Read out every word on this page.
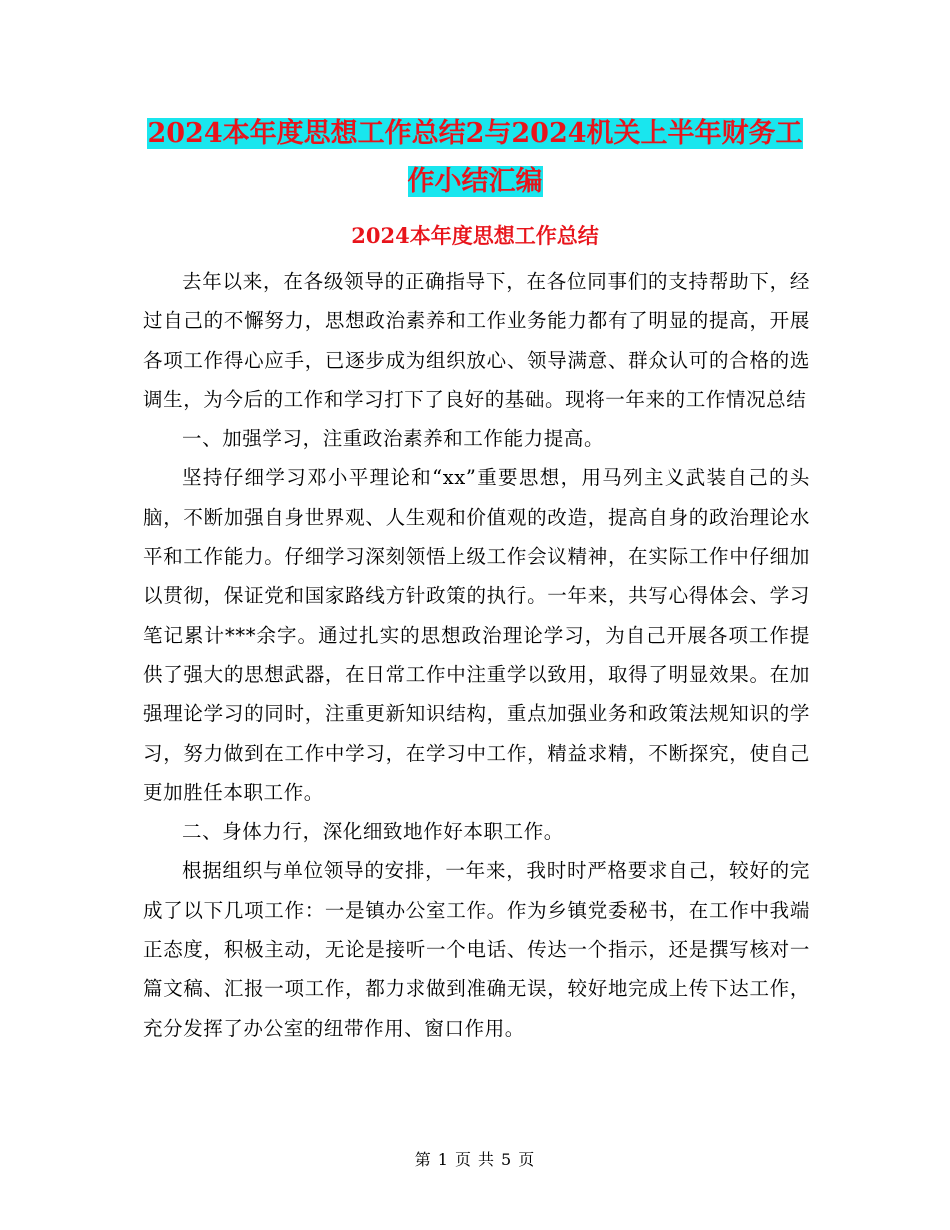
2024本年度思想工作总结2与2024机关上半年财务工
作小结汇编
2024本年度思想工作总结

去年以来，在各级领导的正确指导下，在各位同事们的支持帮助下，经过自己的不懈努力，思想政治素养和工作业务能力都有了明显的提高，开展各项工作得心应手，已逐步成为组织放心、领导满意、群众认可的合格的选调生，为今后的工作和学习打下了良好的基础。现将一年来的工作情况总结

一、加强学习，注重政治素养和工作能力提高。

坚持仔细学习邓小平理论和“xx”重要思想，用马列主义武装自己的头脑，不断加强自身世界观、人生观和价值观的改造，提高自身的政治理论水平和工作能力。仔细学习深刻领悟上级工作会议精神，在实际工作中仔细加以贯彻，保证党和国家路线方针政策的执行。一年来，共写心得体会、学习笔记累计***余字。通过扎实的思想政治理论学习，为自己开展各项工作提供了强大的思想武器，在日常工作中注重学以致用，取得了明显效果。在加强理论学习的同时，注重更新知识结构，重点加强业务和政策法规知识的学习，努力做到在工作中学习，在学习中工作，精益求精，不断探究，使自己更加胜任本职工作。

二、身体力行，深化细致地作好本职工作。

根据组织与单位领导的安排，一年来，我时时严格要求自己，较好的完成了以下几项工作：一是镇办公室工作。作为乡镇党委秘书，在工作中我端正态度，积极主动，无论是接听一个电话、传达一个指示，还是撰写核对一篇文稿、汇报一项工作，都力求做到准确无误，较好地完成上传下达工作，充分发挥了办公室的纽带作用、窗口作用。

第 1 页 共 5 页
